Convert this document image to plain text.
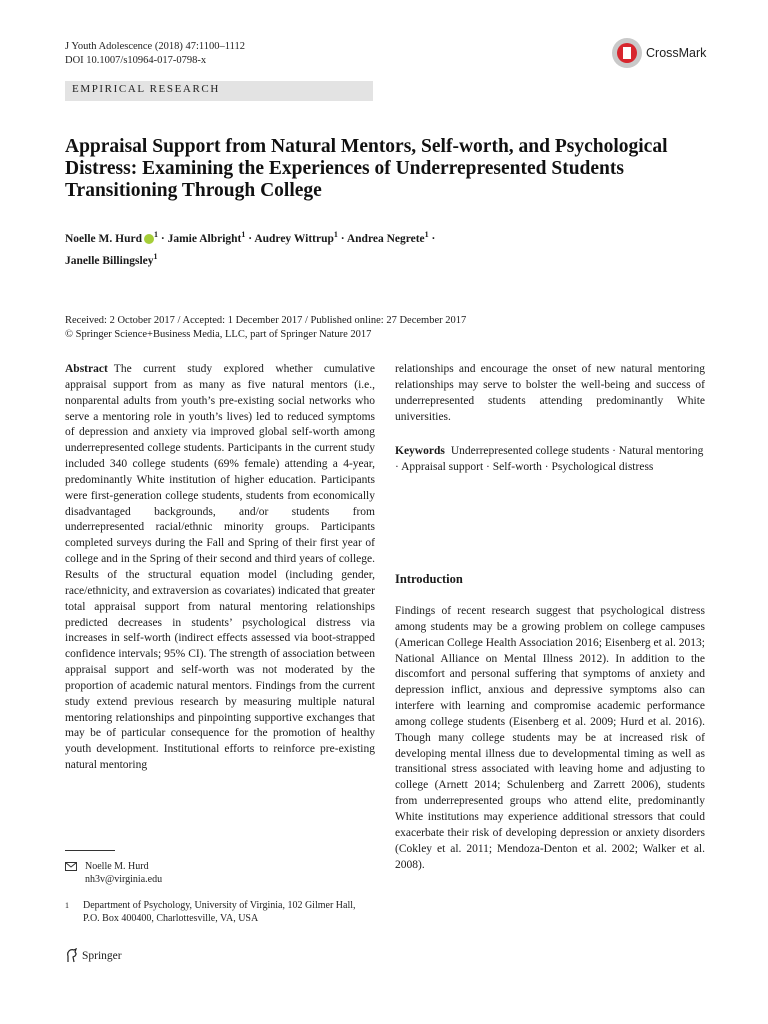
J Youth Adolescence (2018) 47:1100–1112
DOI 10.1007/s10964-017-0798-x
CrossMark
EMPIRICAL RESEARCH
Appraisal Support from Natural Mentors, Self-worth, and Psychological Distress: Examining the Experiences of Underrepresented Students Transitioning Through College
Noelle M. Hurd $^1$ · Jamie Albright$^1$ · Audrey Wittrup$^1$ · Andrea Negrete$^1$ ·
Janelle Billingsley$^1$
Received: 2 October 2017 / Accepted: 1 December 2017 / Published online: 27 December 2017
© Springer Science+Business Media, LLC, part of Springer Nature 2017
Abstract The current study explored whether cumulative appraisal support from as many as five natural mentors (i.e., nonparental adults from youth’s pre-existing social networks who serve a mentoring role in youth’s lives) led to reduced symptoms of depression and anxiety via improved global self-worth among underrepresented college students. Participants in the current study included 340 college students (69% female) attending a 4-year, predominantly White institution of higher education. Participants were first-generation college students, students from economically disadvantaged backgrounds, and/or students from underrepresented racial/ethnic minority groups. Participants completed surveys during the Fall and Spring of their first year of college and in the Spring of their second and third years of college. Results of the structural equation model (including gender, race/ethnicity, and extraversion as covariates) indicated that greater total appraisal support from natural mentoring relationships predicted decreases in students’ psychological distress via increases in self-worth (indirect effects assessed via boot-strapped confidence intervals; 95% CI). The strength of association between appraisal support and self-worth was not moderated by the proportion of academic natural mentors. Findings from the current study extend previous research by measuring multiple natural mentoring relationships and pinpointing supportive exchanges that may be of particular consequence for the promotion of healthy youth development. Institutional efforts to reinforce pre-existing natural mentoring
relationships and encourage the onset of new natural mentoring relationships may serve to bolster the well-being and success of underrepresented students attending predominantly White universities.
Keywords Underrepresented college students · Natural mentoring · Appraisal support · Self-worth · Psychological distress
Introduction
Findings of recent research suggest that psychological distress among students may be a growing problem on college campuses (American College Health Association 2016; Eisenberg et al. 2013; National Alliance on Mental Illness 2012). In addition to the discomfort and personal suffering that symptoms of anxiety and depression inflict, anxious and depressive symptoms also can interfere with learning and compromise academic performance among college students (Eisenberg et al. 2009; Hurd et al. 2016). Though many college students may be at increased risk of developing mental illness due to developmental timing as well as transitional stress associated with leaving home and adjusting to college (Arnett 2014; Schulenberg and Zarrett 2006), students from underrepresented groups who attend elite, predominantly White institutions may experience additional stressors that could exacerbate their risk of developing depression or anxiety disorders (Cokley et al. 2011; Mendoza-Denton et al. 2002; Walker et al. 2008).
Noelle M. Hurd
nh3v@virginia.edu
1 Department of Psychology, University of Virginia, 102 Gilmer Hall, P.O. Box 400400, Charlottesville, VA, USA
Springer
